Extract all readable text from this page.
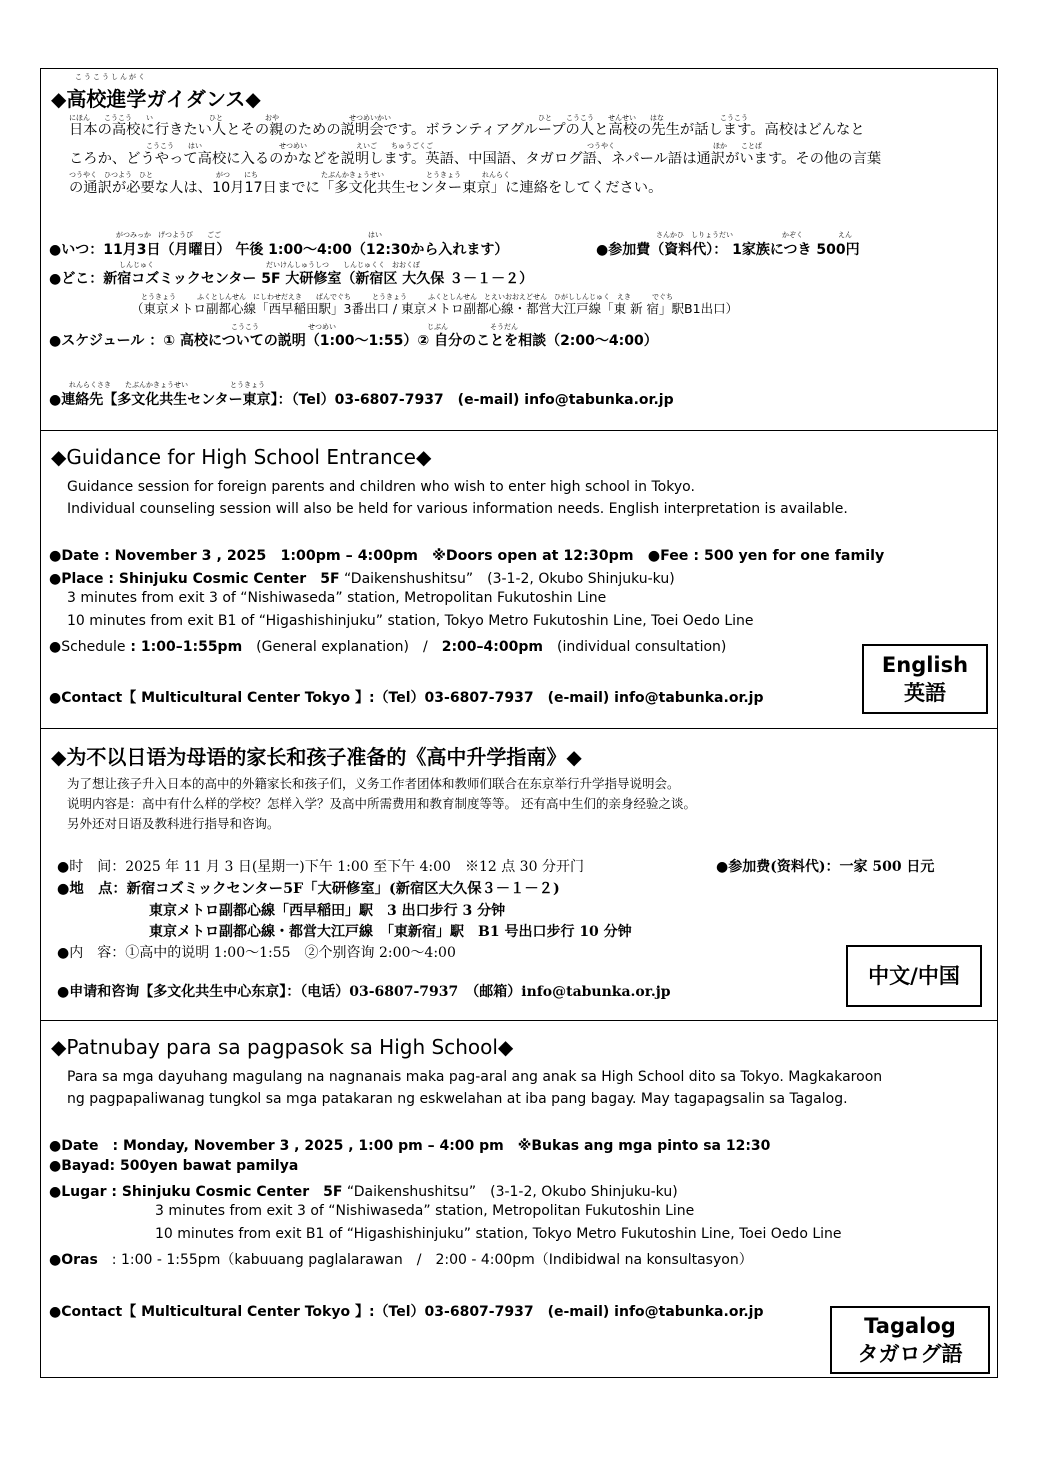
こうこうしんがく
◆高校進学ガイダンス◆
にほん　　こうこう　　い　　　　　　　　ひと　　　　　　おや　　　　　　　　　　せつめいかい　　　　　　　　　　　　　　　　　　　　　ひと　　こうこう　　せんせい　　はな　　　　　　　　こうこう
日本の高校に行きたい人とその親のための説明会です。ボランティアグループの人と高校の先生が話します。高校はどんなと
　　　　　　　　　　　こうこう　　はい　　　　　　　　　　　せつめい　　　　　　　えいご　　ちゅうごくご　　　　　　　　　　　　　　　　　　　　　　つうやく　　　　　　　　　　　　　　ほか　　ことば
ころか、どうやって高校に入るのかなどを説明します。英語、中国語、タガログ語、ネパール語は通訳がいます。その他の言葉
つうやく　ひつよう　ひと　　　　　　　　　がつ　　にち　　　　　　　　　たぶんかきょうせい　　　　　　とうきょう　　　れんらく
の通訳が必要な人は、10月17日までに「多文化共生センター東京」に連絡をしてください。
がつみっか　げつようび　　ごご　　　　　　　　　　　　　　　　　　　　　はい
●いつ：11月3日（月曜日） 午後 1:00～4:00（12:30から入れます）
さんかひ　しりょうだい　　　　　　　かぞく　　　　　えん
●参加費（資料代）： 1家族につき 500円
しんじゅく　　　　　　　　　　　　　　　　だいけんしゅうしつ　　しんじゅくく　おおくぼ
●どこ：新宿コズミックセンター 5F 大研修室（新宿区 大久保 ３－１－２）
とうきょう　　　ふくとしんせん　にしわせだえき　　ばんでぐち　　　とうきょう　　　ふくとしんせん　とえいおおえどせん　ひがししんじゅく　えき　　　でぐち
（東京メトロ副都心線「西早稲田駅」3番出口 / 東京メトロ副都心線・都営大江戸線「東 新 宿」駅B1出口）
こうこう　　　　　　　せつめい　　　　　　　　　　　　　じぶん　　　　　　そうだん
●スケジュール ：① 高校についての説明（1:00～1:55）② 自分のことを相談（2:00～4:00）
れんらくさき　　たぶんかきょうせい　　　　　　とうきょう
●連絡先【多文化共生センター東京】：（Tel）03-6807-7937　(e-mail) info@tabunka.or.jp
◆Guidance for High School Entrance◆
Guidance session for foreign parents and children who wish to enter high school in Tokyo.
Individual counseling session will also be held for various information needs. English interpretation is available.
●Date : November 3 , 2025　1:00pm – 4:00pm　※Doors open at 12:30pm　●Fee : 500 yen for one family
●Place : Shinjuku Cosmic Center　5F “Daikenshushitsu”　(3-1-2, Okubo Shinjuku-ku)
3 minutes from exit 3 of “Nishiwaseda” station, Metropolitan Fukutoshin Line
10 minutes from exit B1 of “Higashishinjuku” station, Tokyo Metro Fukutoshin Line, Toei Oedo Line
●Schedule : 1:00–1:55pm　(General explanation)　/　2:00–4:00pm　(individual consultation)
●Contact【 Multicultural Center Tokyo 】:（Tel）03-6807-7937　(e-mail) info@tabunka.or.jp
English
英語
◆为不以日语为母语的家长和孩子准备的《高中升学指南》◆
为了想让孩子升入日本的高中的外籍家长和孩子们，义务工作者团体和教师们联合在东京举行升学指导说明会。
说明内容是：高中有什么样的学校？怎样入学？及高中所需费用和教育制度等等。 还有高中生们的亲身经验之谈。
另外还对日语及教科进行指导和咨询。
●时　间：2025 年 11 月 3 日(星期一)下午 1:00 至下午 4:00　※12 点 30 分开门	●参加费(资料代)：一家 500 日元
●地　点：新宿コズミックセンター5F「大研修室」(新宿区大久保３－１－２)
東京メトロ副都心線「西早稲田」駅　3 出口步行 3 分钟
東京メトロ副都心線・都営大江戸線　「東新宿」駅　B1 号出口步行 10 分钟
●内　容：①高中的说明 1:00～1:55　②个别咨询 2:00～4:00
●申请和咨询【多文化共生中心东京】：（电话）03-6807-7937　（邮箱）info@tabunka.or.jp
中文/中国
◆Patnubay para sa pagpasok sa High School◆
Para sa mga dayuhang magulang na nagnanais maka pag-aral ang anak sa High School dito sa Tokyo. Magkakaroon
ng pagpapaliwanag tungkol sa mga patakaran ng eskwelahan at iba pang bagay. May tagapagsalin sa Tagalog.
●Date　: Monday, November 3 , 2025 , 1:00 pm – 4:00 pm　※Bukas ang mga pinto sa 12:30
●Bayad: 500yen bawat pamilya
●Lugar : Shinjuku Cosmic Center　5F “Daikenshushitsu”　(3-1-2, Okubo Shinjuku-ku)
3 minutes from exit 3 of “Nishiwaseda” station, Metropolitan Fukutoshin Line
10 minutes from exit B1 of “Higashishinjuku” station, Tokyo Metro Fukutoshin Line, Toei Oedo Line
●Oras　: 1:00 - 1:55pm（kabuuang paglalarawan　/　2:00 - 4:00pm（Indibidwal na konsultasyon）
●Contact【 Multicultural Center Tokyo 】:（Tel）03-6807-7937　(e-mail) info@tabunka.or.jp
Tagalog
タガログ語
